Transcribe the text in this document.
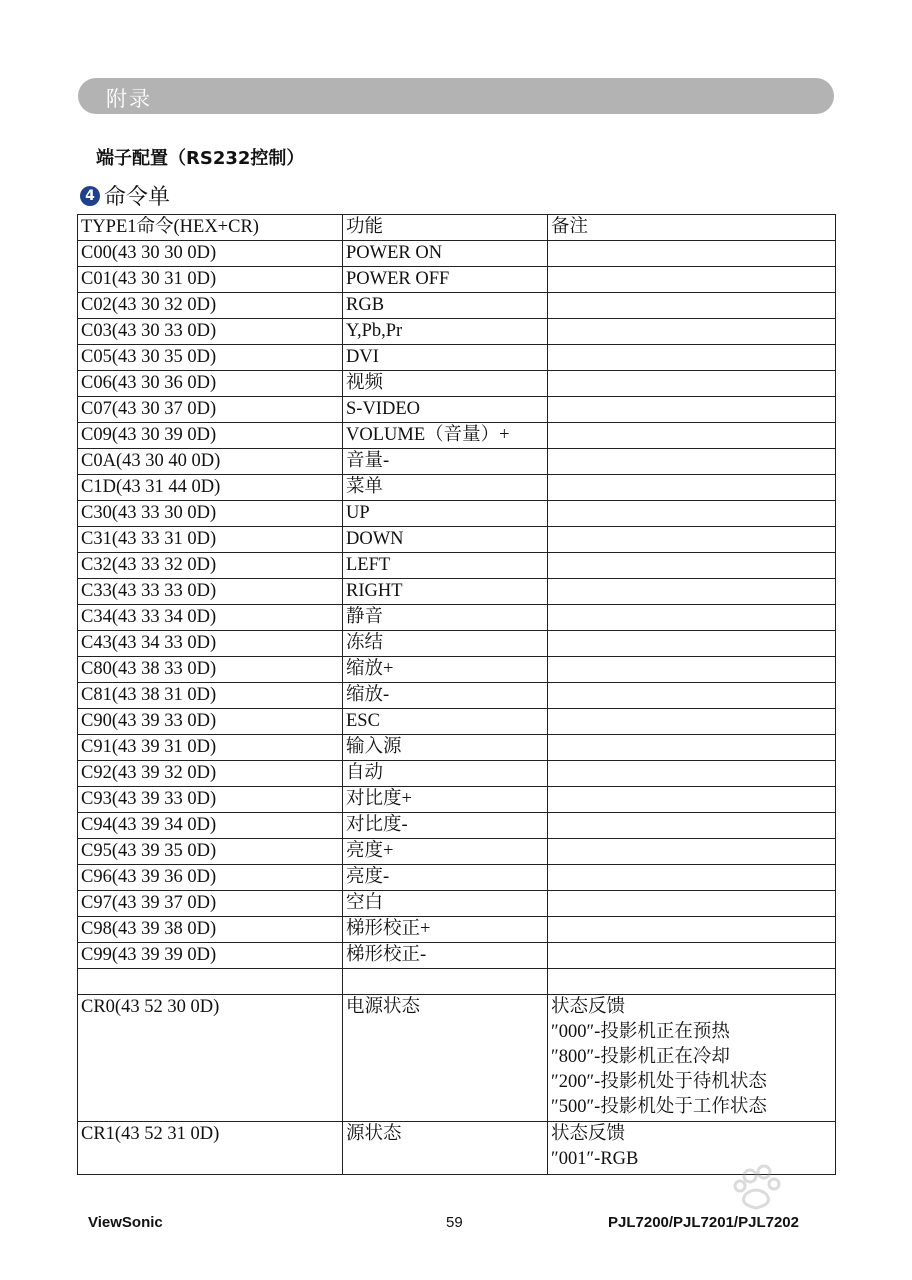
附录
端子配置（RS232控制）
4 命令单
TYPE1命令(HEX+CR)	功能	备注
C00(43 30 30 0D)	POWER ON	
C01(43 30 31 0D)	POWER OFF	
C02(43 30 32 0D)	RGB	
C03(43 30 33 0D)	Y,Pb,Pr	
C05(43 30 35 0D)	DVI	
C06(43 30 36 0D)	视频	
C07(43 30 37 0D)	S-VIDEO	
C09(43 30 39 0D)	VOLUME（音量）+	
C0A(43 30 40 0D)	音量-	
C1D(43 31 44 0D)	菜单	
C30(43 33 30 0D)	UP	
C31(43 33 31 0D)	DOWN	
C32(43 33 32 0D)	LEFT	
C33(43 33 33 0D)	RIGHT	
C34(43 33 34 0D)	静音	
C43(43 34 33 0D)	冻结	
C80(43 38 33 0D)	缩放+	
C81(43 38 31 0D)	缩放-	
C90(43 39 33 0D)	ESC	
C91(43 39 31 0D)	输入源	
C92(43 39 32 0D)	自动	
C93(43 39 33 0D)	对比度+	
C94(43 39 34 0D)	对比度-	
C95(43 39 35 0D)	亮度+	
C96(43 39 36 0D)	亮度-	
C97(43 39 37 0D)	空白	
C98(43 39 38 0D)	梯形校正+	
C99(43 39 39 0D)	梯形校正-	

CR0(43 52 30 0D)	电源状态	状态反馈
″000″-投影机正在预热
″800″-投影机正在冷却
″200″-投影机处于待机状态
″500″-投影机处于工作状态

CR1(43 52 31 0D)	源状态	状态反馈
″001″-RGB
ViewSonic	59	PJL7200/PJL7201/PJL7202
